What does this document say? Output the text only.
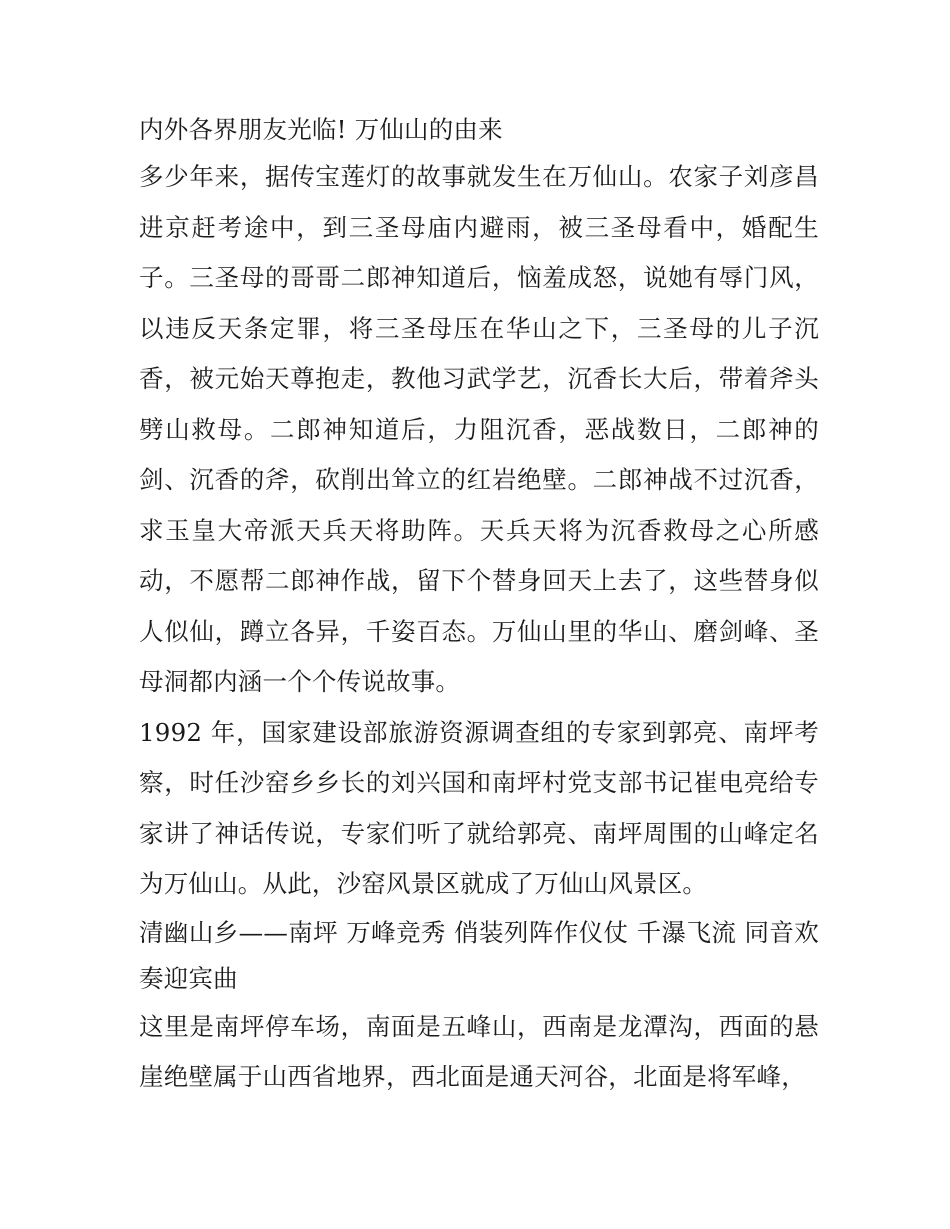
内外各界朋友光临! 万仙山的由来

多少年来，据传宝莲灯的故事就发生在万仙山。农家子刘彦昌进京赶考途中，到三圣母庙内避雨，被三圣母看中，婚配生子。三圣母的哥哥二郎神知道后，恼羞成怒，说她有辱门风，以违反天条定罪，将三圣母压在华山之下，三圣母的儿子沉香，被元始天尊抱走，教他习武学艺，沉香长大后，带着斧头劈山救母。二郎神知道后，力阻沉香，恶战数日，二郎神的剑、沉香的斧，砍削出耸立的红岩绝壁。二郎神战不过沉香，求玉皇大帝派天兵天将助阵。天兵天将为沉香救母之心所感动，不愿帮二郎神作战，留下个替身回天上去了，这些替身似人似仙，蹲立各异，千姿百态。万仙山里的华山、磨剑峰、圣母洞都内涵一个个传说故事。

1992 年，国家建设部旅游资源调查组的专家到郭亮、南坪考察，时任沙窑乡乡长的刘兴国和南坪村党支部书记崔电亮给专家讲了神话传说，专家们听了就给郭亮、南坪周围的山峰定名为万仙山。从此，沙窑风景区就成了万仙山风景区。

清幽山乡——南坪 万峰竞秀 俏装列阵作仪仗 千瀑飞流 同音欢奏迎宾曲

这里是南坪停车场，南面是五峰山，西南是龙潭沟，西面的悬崖绝壁属于山西省地界，西北面是通天河谷，北面是将军峰，
